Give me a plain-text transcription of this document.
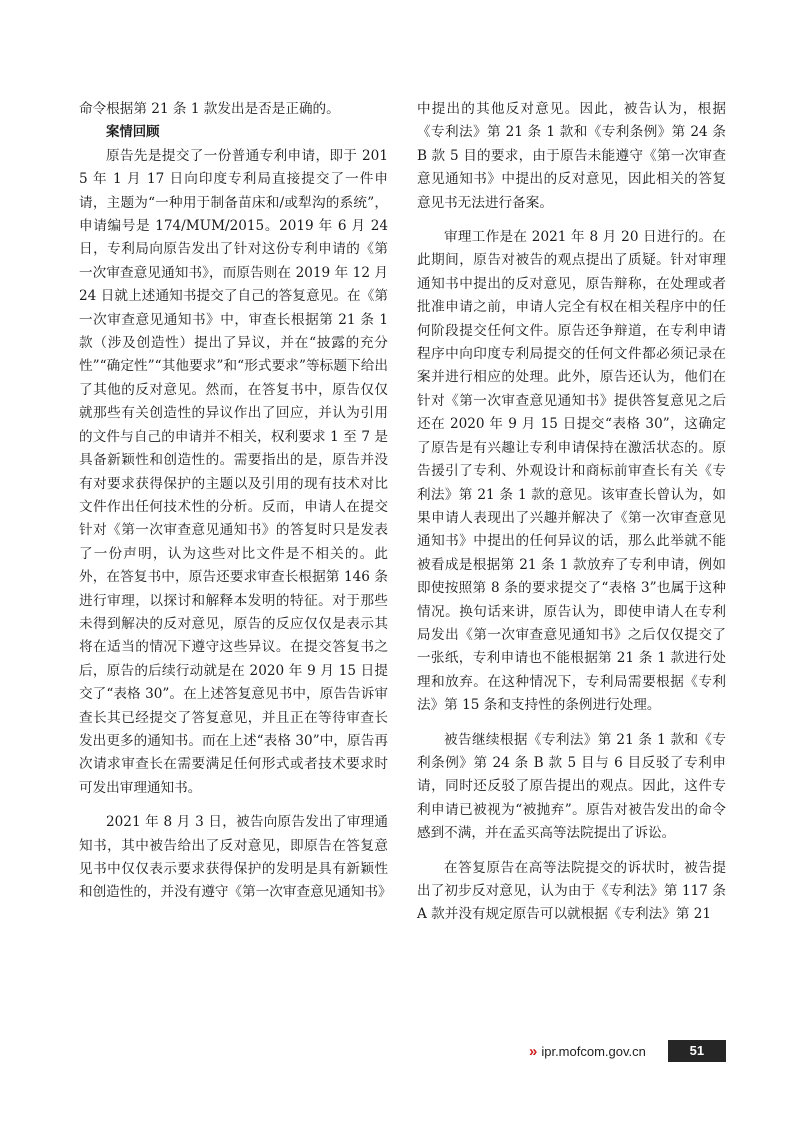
命令根据第 21 条 1 款发出是否是正确的。

案情回顾

原告先是提交了一份普通专利申请，即于 2015 年 1 月 17 日向印度专利局直接提交了一件申请，主题为“一种用于制备苗床和/或犁沟的系统”，申请编号是 174/MUM/2015。2019 年 6 月 24 日，专利局向原告发出了针对这份专利申请的《第一次审查意见通知书》，而原告则在 2019 年 12 月 24 日就上述通知书提交了自己的答复意见。在《第一次审查意见通知书》中，审查长根据第 21 条 1 款（涉及创造性）提出了异议，并在“披露的充分性”“确定性”“其他要求”和“形式要求”等标题下给出了其他的反对意见。然而，在答复书中，原告仅仅就那些有关创造性的异议作出了回应，并认为引用的文件与自己的申请并不相关，权利要求 1 至 7 是具备新颖性和创造性的。需要指出的是，原告并没有对要求获得保护的主题以及引用的现有技术对比文件作出任何技术性的分析。反而，申请人在提交针对《第一次审查意见通知书》的答复时只是发表了一份声明，认为这些对比文件是不相关的。此外，在答复书中，原告还要求审查长根据第 146 条进行审理，以探讨和解释本发明的特征。对于那些未得到解决的反对意见，原告的反应仅仅是表示其将在适当的情况下遵守这些异议。在提交答复书之后，原告的后续行动就是在 2020 年 9 月 15 日提交了“表格 30”。在上述答复意见书中，原告告诉审查长其已经提交了答复意见，并且正在等待审查长发出更多的通知书。而在上述“表格 30”中，原告再次请求审查长在需要满足任何形式或者技术要求时可发出审理通知书。

2021 年 8 月 3 日，被告向原告发出了审理通知书，其中被告给出了反对意见，即原告在答复意见书中仅仅表示要求获得保护的发明是具有新颖性和创造性的，并没有遵守《第一次审查意见通知书》

中提出的其他反对意见。因此，被告认为，根据《专利法》第 21 条 1 款和《专利条例》第 24 条 B 款 5 目的要求，由于原告未能遵守《第一次审查意见通知书》中提出的反对意见，因此相关的答复意见书无法进行备案。

审理工作是在 2021 年 8 月 20 日进行的。在此期间，原告对被告的观点提出了质疑。针对审理通知书中提出的反对意见，原告辩称，在处理或者批准申请之前，申请人完全有权在相关程序中的任何阶段提交任何文件。原告还争辩道，在专利申请程序中向印度专利局提交的任何文件都必须记录在案并进行相应的处理。此外，原告还认为，他们在针对《第一次审查意见通知书》提供答复意见之后还在 2020 年 9 月 15 日提交“表格 30”，这确定了原告是有兴趣让专利申请保持在激活状态的。原告援引了专利、外观设计和商标前审查长有关《专利法》第 21 条 1 款的意见。该审查长曾认为，如果申请人表现出了兴趣并解决了《第一次审查意见通知书》中提出的任何异议的话，那么此举就不能被看成是根据第 21 条 1 款放弃了专利申请，例如即使按照第 8 条的要求提交了“表格 3”也属于这种情况。换句话来讲，原告认为，即使申请人在专利局发出《第一次审查意见通知书》之后仅仅提交了一张纸，专利申请也不能根据第 21 条 1 款进行处理和放弃。在这种情况下，专利局需要根据《专利法》第 15 条和支持性的条例进行处理。

被告继续根据《专利法》第 21 条 1 款和《专利条例》第 24 条 B 款 5 目与 6 目反驳了专利申请，同时还反驳了原告提出的观点。因此，这件专利申请已被视为“被抛弃”。原告对被告发出的命令感到不满，并在孟买高等法院提出了诉讼。

在答复原告在高等法院提交的诉状时，被告提出了初步反对意见，认为由于《专利法》第 117 条 A 款并没有规定原告可以就根据《专利法》第 21

» ipr.mofcom.gov.cn	51
